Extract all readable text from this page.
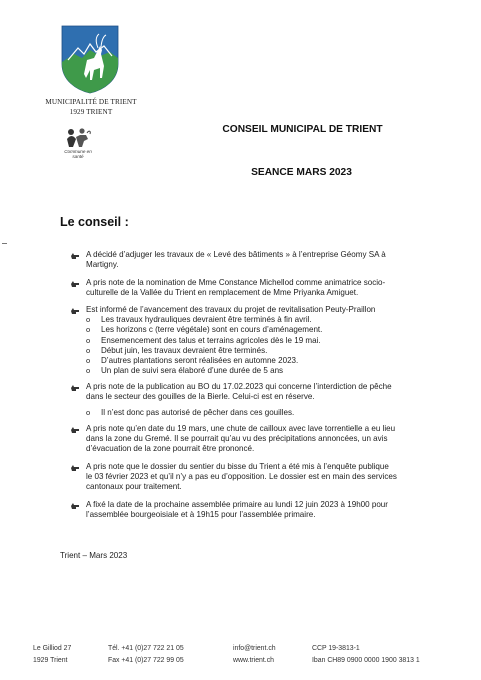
MUNICIPALITÉ DE TRIENT
1929 TRIENT
Commune en santé
CONSEIL MUNICIPAL DE TRIENT
SEANCE MARS 2023
Le conseil :
A décidé d’adjuger les travaux de « Levé des bâtiments » à l’entreprise Géomy SA à
Martigny.
A pris note de la nomination de Mme Constance Michellod comme animatrice socio-
culturelle de la Vallée du Trient en remplacement de Mme Priyanka Amiguet.
Est informé de l’avancement des travaux du projet de revitalisation Peuty-Praillon
o Les travaux hydrauliques devraient être terminés à fin avril.
o Les horizons c (terre végétale) sont en cours d’aménagement.
o Ensemencement des talus et terrains agricoles dès le 19 mai.
o Début juin, les travaux devraient être terminés.
o D’autres plantations seront réalisées en automne 2023.
o Un plan de suivi sera élaboré d’une durée de 5 ans
A pris note de la publication au BO du 17.02.2023 qui concerne l’interdiction de pêche
dans le secteur des gouilles de la Bierle. Celui-ci est en réserve.
o Il n’est donc pas autorisé de pêcher dans ces gouilles.
A pris note qu’en date du 19 mars, une chute de cailloux avec lave torrentielle a eu lieu
dans la zone du Gremé. Il se pourrait qu’au vu des précipitations annoncées, un avis
d’évacuation de la zone pourrait être prononcé.
A pris note que le dossier du sentier du bisse du Trient a été mis à l’enquête publique
le 03 février 2023 et qu’il n’y a pas eu d’opposition. Le dossier est en main des services
cantonaux pour traitement.
A fixé la date de la prochaine assemblée primaire au lundi 12 juin 2023 à 19h00 pour
l’assemblée bourgeoisiale et à 19h15 pour l’assemblée primaire.
Trient – Mars 2023
Le Gilliod 27
1929 Trient
Tél. +41 (0)27 722 21 05
Fax +41 (0)27 722 99 05
info@trient.ch
www.trient.ch
CCP 19-3813-1
Iban CH89 0900 0000 1900 3813 1
